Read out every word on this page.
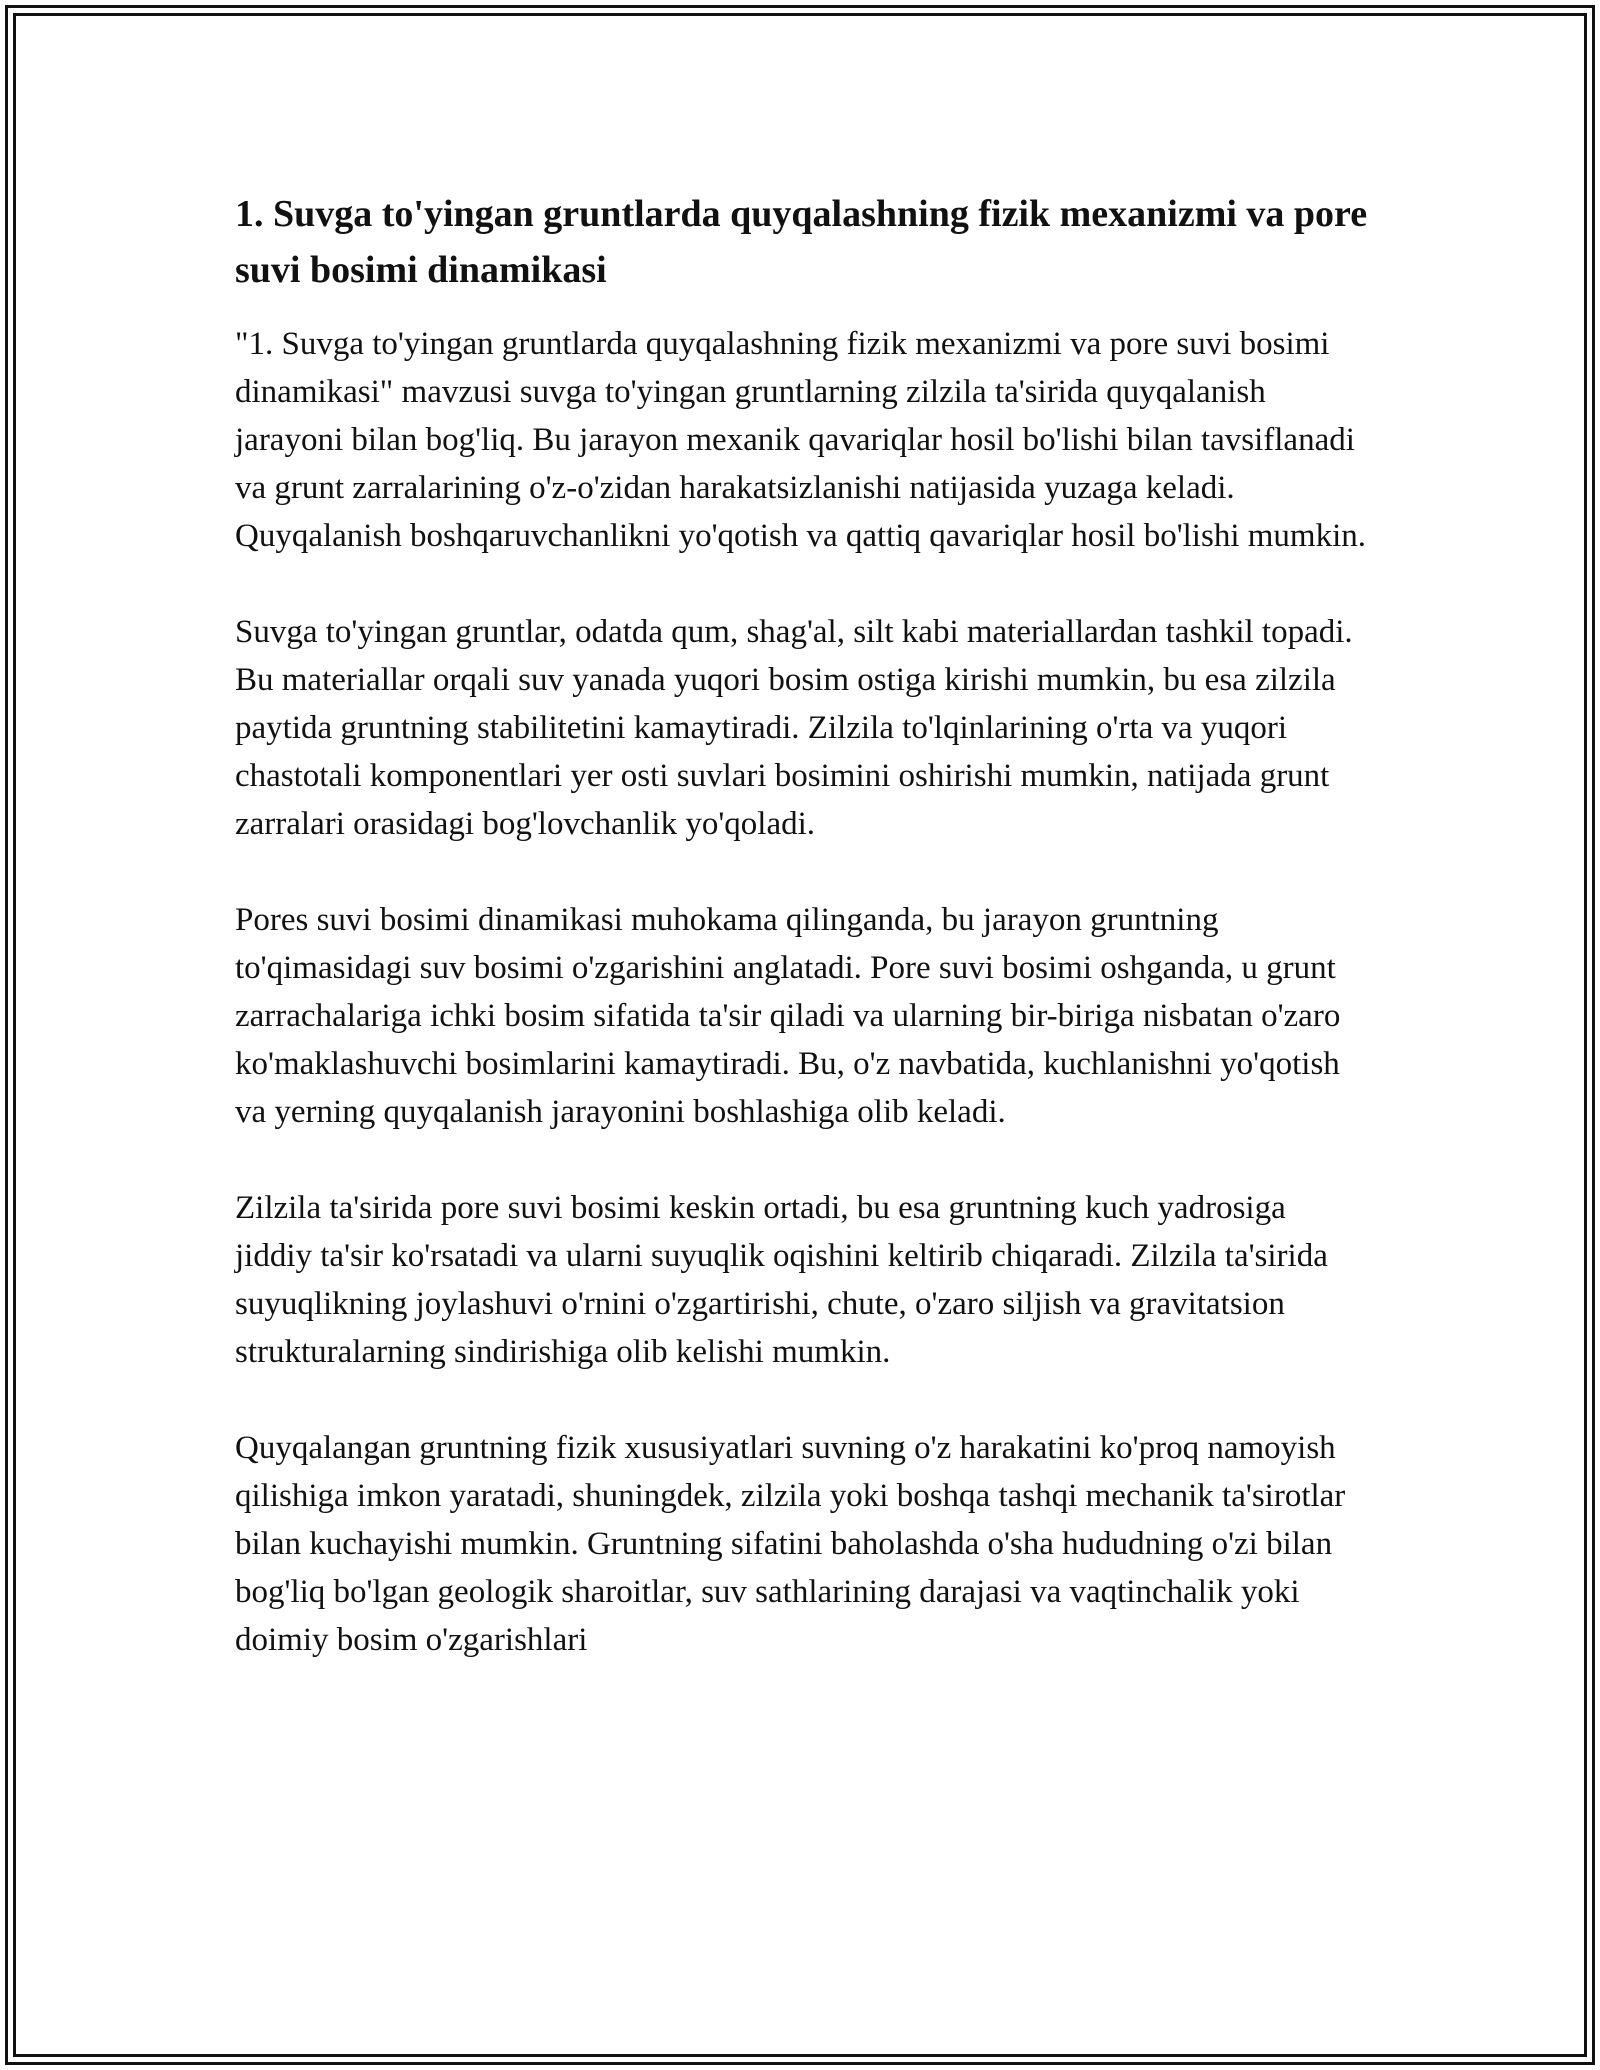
1. Suvga to'yingan gruntlarda quyqalashning fizik mexanizmi va pore suvi bosimi dinamikasi

"1. Suvga to'yingan gruntlarda quyqalashning fizik mexanizmi va pore suvi bosimi dinamikasi" mavzusi suvga to'yingan gruntlarning zilzila ta'sirida quyqalanish jarayoni bilan bog'liq. Bu jarayon mexanik qavariqlar hosil bo'lishi bilan tavsiflanadi va grunt zarralarining o'z-o'zidan harakatsizlanishi natijasida yuzaga keladi. Quyqalanish boshqaruvchanlikni yo'qotish va qattiq qavariqlar hosil bo'lishi mumkin.

Suvga to'yingan gruntlar, odatda qum, shag'al, silt kabi materiallardan tashkil topadi. Bu materiallar orqali suv yanada yuqori bosim ostiga kirishi mumkin, bu esa zilzila paytida gruntning stabilitetini kamaytiradi. Zilzila to'lqinlarining o'rta va yuqori chastotali komponentlari yer osti suvlari bosimini oshirishi mumkin, natijada grunt zarralari orasidagi bog'lovchanlik yo'qoladi.

Pores suvi bosimi dinamikasi muhokama qilinganda, bu jarayon gruntning to'qimasidagi suv bosimi o'zgarishini anglatadi. Pore suvi bosimi oshganda, u grunt zarrachalariga ichki bosim sifatida ta'sir qiladi va ularning bir-biriga nisbatan o'zaro ko'maklashuvchi bosimlarini kamaytiradi. Bu, o'z navbatida, kuchlanishni yo'qotish va yerning quyqalanish jarayonini boshlashiga olib keladi.

Zilzila ta'sirida pore suvi bosimi keskin ortadi, bu esa gruntning kuch yadrosiga jiddiy ta'sir ko'rsatadi va ularni suyuqlik oqishini keltirib chiqaradi. Zilzila ta'sirida suyuqlikning joylashuvi o'rnini o'zgartirishi, chute, o'zaro siljish va gravitatsion strukturalarning sindirishiga olib kelishi mumkin.

Quyqalangan gruntning fizik xususiyatlari suvning o'z harakatini ko'proq namoyish qilishiga imkon yaratadi, shuningdek, zilzila yoki boshqa tashqi mechanik ta'sirotlar bilan kuchayishi mumkin. Gruntning sifatini baholashda o'sha hududning o'zi bilan bog'liq bo'lgan geologik sharoitlar, suv sathlarining darajasi va vaqtinchalik yoki doimiy bosim o'zgarishlari
